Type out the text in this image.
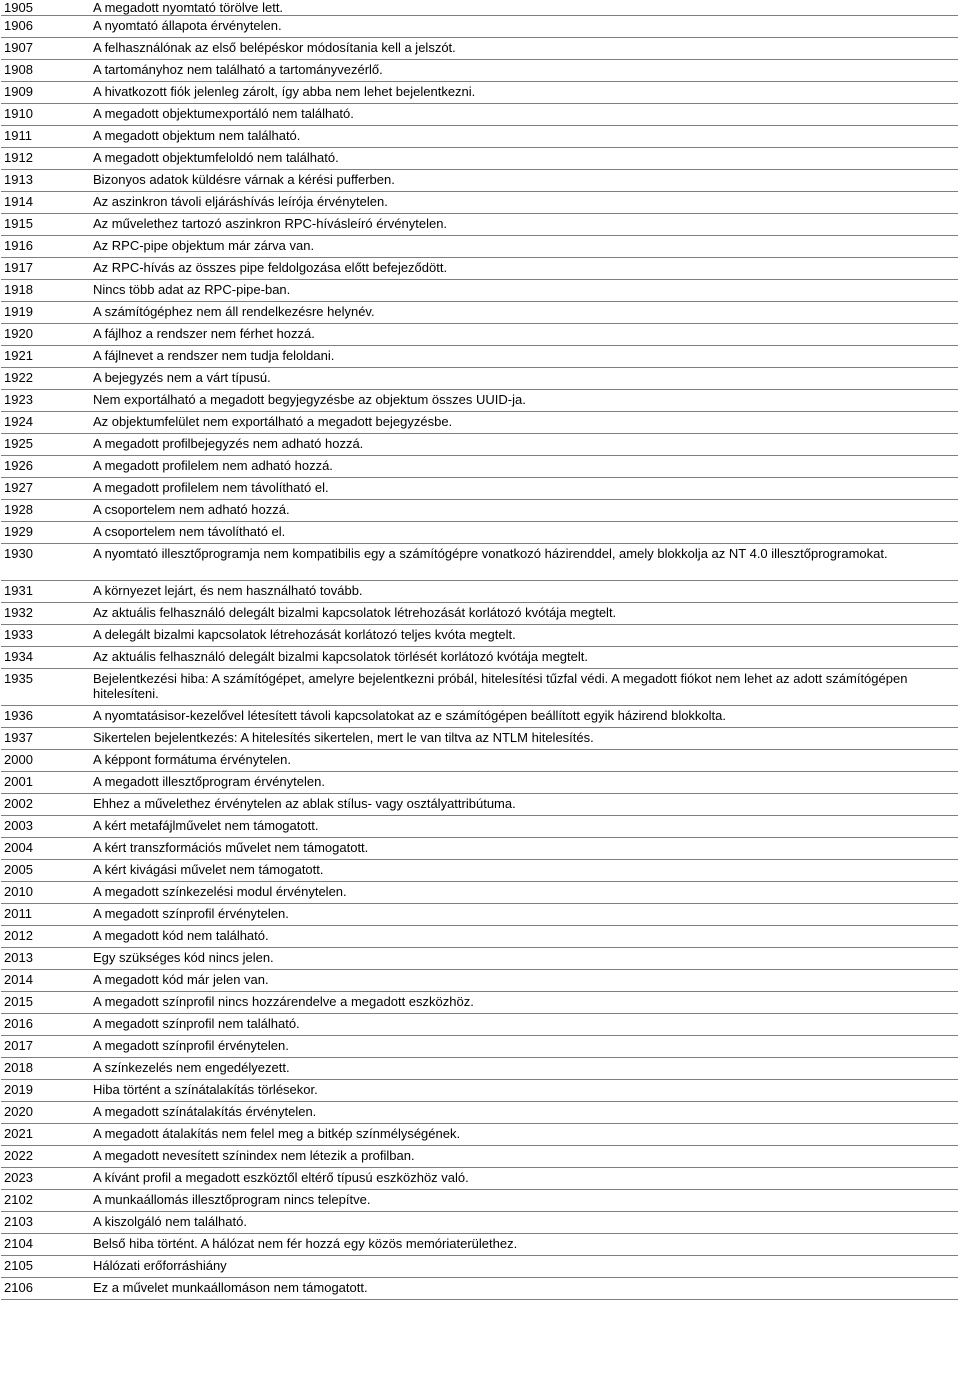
1905	A megadott nyomtató törölve lett.
1906	A nyomtató állapota érvénytelen.
1907	A felhasználónak az első belépéskor módosítania kell a jelszót.
1908	A tartományhoz nem található a tartományvezérlő.
1909	A hivatkozott fiók jelenleg zárolt, így abba nem lehet bejelentkezni.
1910	A megadott objektumexportáló nem található.
1911	A megadott objektum nem található.
1912	A megadott objektumfeloldó nem található.
1913	Bizonyos adatok küldésre várnak a kérési pufferben.
1914	Az aszinkron távoli eljáráshívás leírója érvénytelen.
1915	Az művelethez tartozó aszinkron RPC-hívásleíró érvénytelen.
1916	Az RPC-pipe objektum már zárva van.
1917	Az RPC-hívás az összes pipe feldolgozása előtt befejeződött.
1918	Nincs több adat az RPC-pipe-ban.
1919	A számítógéphez nem áll rendelkezésre helynév.
1920	A fájlhoz a rendszer nem férhet hozzá.
1921	A fájlnevet a rendszer nem tudja feloldani.
1922	A bejegyzés nem a várt típusú.
1923	Nem exportálható a megadott begyjegyzésbe az objektum összes UUID-ja.
1924	Az objektumfelület nem exportálható a megadott bejegyzésbe.
1925	A megadott profilbejegyzés nem adható hozzá.
1926	A megadott profilelem nem adható hozzá.
1927	A megadott profilelem nem távolítható el.
1928	A csoportelem nem adható hozzá.
1929	A csoportelem nem távolítható el.
1930	A nyomtató illesztőprogramja nem kompatibilis egy a számítógépre vonatkozó házirenddel, amely blokkolja az NT 4.0 illesztőprogramokat.
1931	A környezet lejárt, és nem használható tovább.
1932	Az aktuális felhasználó delegált bizalmi kapcsolatok létrehozását korlátozó kvótája megtelt.
1933	A delegált bizalmi kapcsolatok létrehozását korlátozó teljes kvóta megtelt.
1934	Az aktuális felhasználó delegált bizalmi kapcsolatok törlését korlátozó kvótája megtelt.
1935	Bejelentkezési hiba: A számítógépet, amelyre bejelentkezni próbál, hitelesítési tűzfal védi. A megadott fiókot nem lehet az adott számítógépen hitelesíteni.
1936	A nyomtatásisor-kezelővel létesített távoli kapcsolatokat az e számítógépen beállított egyik házirend blokkolta.
1937	Sikertelen bejelentkezés: A hitelesítés sikertelen, mert le van tiltva az NTLM hitelesítés.
2000	A képpont formátuma érvénytelen.
2001	A megadott illesztőprogram érvénytelen.
2002	Ehhez a művelethez érvénytelen az ablak stílus- vagy osztályattribútuma.
2003	A kért metafájlművelet nem támogatott.
2004	A kért transzformációs művelet nem támogatott.
2005	A kért kivágási művelet nem támogatott.
2010	A megadott színkezelési modul érvénytelen.
2011	A megadott színprofil érvénytelen.
2012	A megadott kód nem található.
2013	Egy szükséges kód nincs jelen.
2014	A megadott kód már jelen van.
2015	A megadott színprofil nincs hozzárendelve a megadott eszközhöz.
2016	A megadott színprofil nem található.
2017	A megadott színprofil érvénytelen.
2018	A színkezelés nem engedélyezett.
2019	Hiba történt a színátalakítás törlésekor.
2020	A megadott színátalakítás érvénytelen.
2021	A megadott átalakítás nem felel meg a bitkép színmélységének.
2022	A megadott nevesített színindex nem létezik a profilban.
2023	A kívánt profil a megadott eszköztől eltérő típusú eszközhöz való.
2102	A munkaállomás illesztőprogram nincs telepítve.
2103	A kiszolgáló nem található.
2104	Belső hiba történt. A hálózat nem fér hozzá egy közös memóriaterülethez.
2105	Hálózati erőforráshiány
2106	Ez a művelet munkaállomáson nem támogatott.
